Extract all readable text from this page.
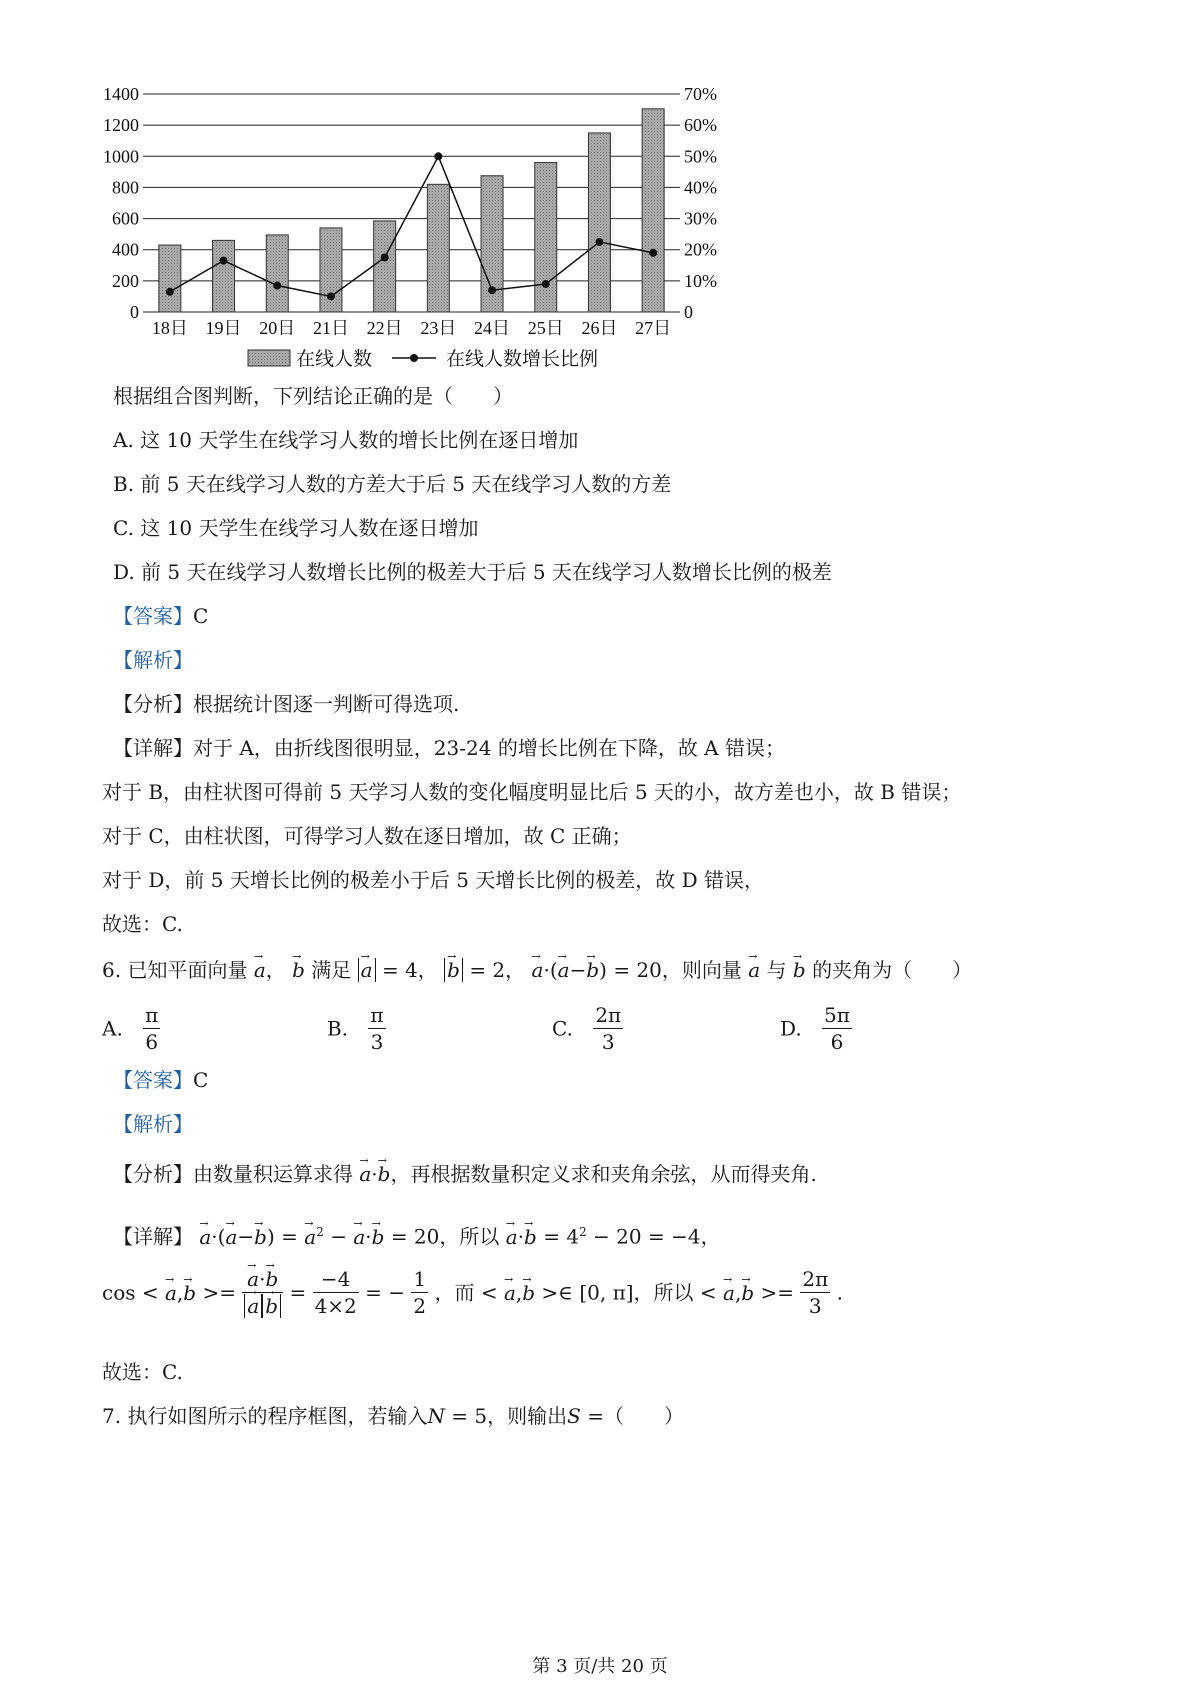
0	0
200	10%
400	20%
600	30%
800	40%
1000	50%
1200	60%
1400	70%
18日 19日 20日 21日 22日 23日 24日 25日 26日 27日
在线人数	在线人数增长比例
根据组合图判断，下列结论正确的是（　　）
A. 这 10 天学生在线学习人数的增长比例在逐日增加
B. 前 5 天在线学习人数的方差大于后 5 天在线学习人数的方差
C. 这 10 天学生在线学习人数在逐日增加
D. 前 5 天在线学习人数增长比例的极差大于后 5 天在线学习人数增长比例的极差
【答案】C
【解析】
【分析】根据统计图逐一判断可得选项.
【详解】对于 A，由折线图很明显，23-24 的增长比例在下降，故 A 错误；
对于 B，由柱状图可得前 5 天学习人数的变化幅度明显比后 5 天的小，故方差也小，故 B 错误；
对于 C，由柱状图，可得学习人数在逐日增加，故 C 正确；
对于 D，前 5 天增长比例的极差小于后 5 天增长比例的极差，故 D 错误，
故选：C.
6. 已知平面向量 → a， → b 满足 → a = 4， → b = 2， → a·(→ a−→ b) = 20，则向量 → a 与 → b 的夹角为（　　）
A. $\frac{\pi}{6}$	B. $\frac{\pi}{3}$	C. $\frac{2\pi}{3}$	D. $\frac{5\pi}{6}$
【答案】C
【解析】
【分析】由数量积运算求得 → a·→ b，再根据数量积定义求和夹角余弦，从而得夹角.
【详解】 → a·(→ a−→ b) = → $a^2$ − → a·→ b = 20，所以 → $a\cdot\to b = 4^2 - 20 = -4$，
cos < → a,→ b >= → a·→ b
→ $a \to b = \frac{-4}{4\times 2}$ = − $\frac{1}{2}$ ，而 < → a,→ b >∈ [0, π]，所以 < → $a,\to b >= \frac{2\pi}{3}$ .
故选：C.
7. 执行如图所示的程序框图，若输入N = 5，则输出S =（　　）
第 3 页/共 20 页
